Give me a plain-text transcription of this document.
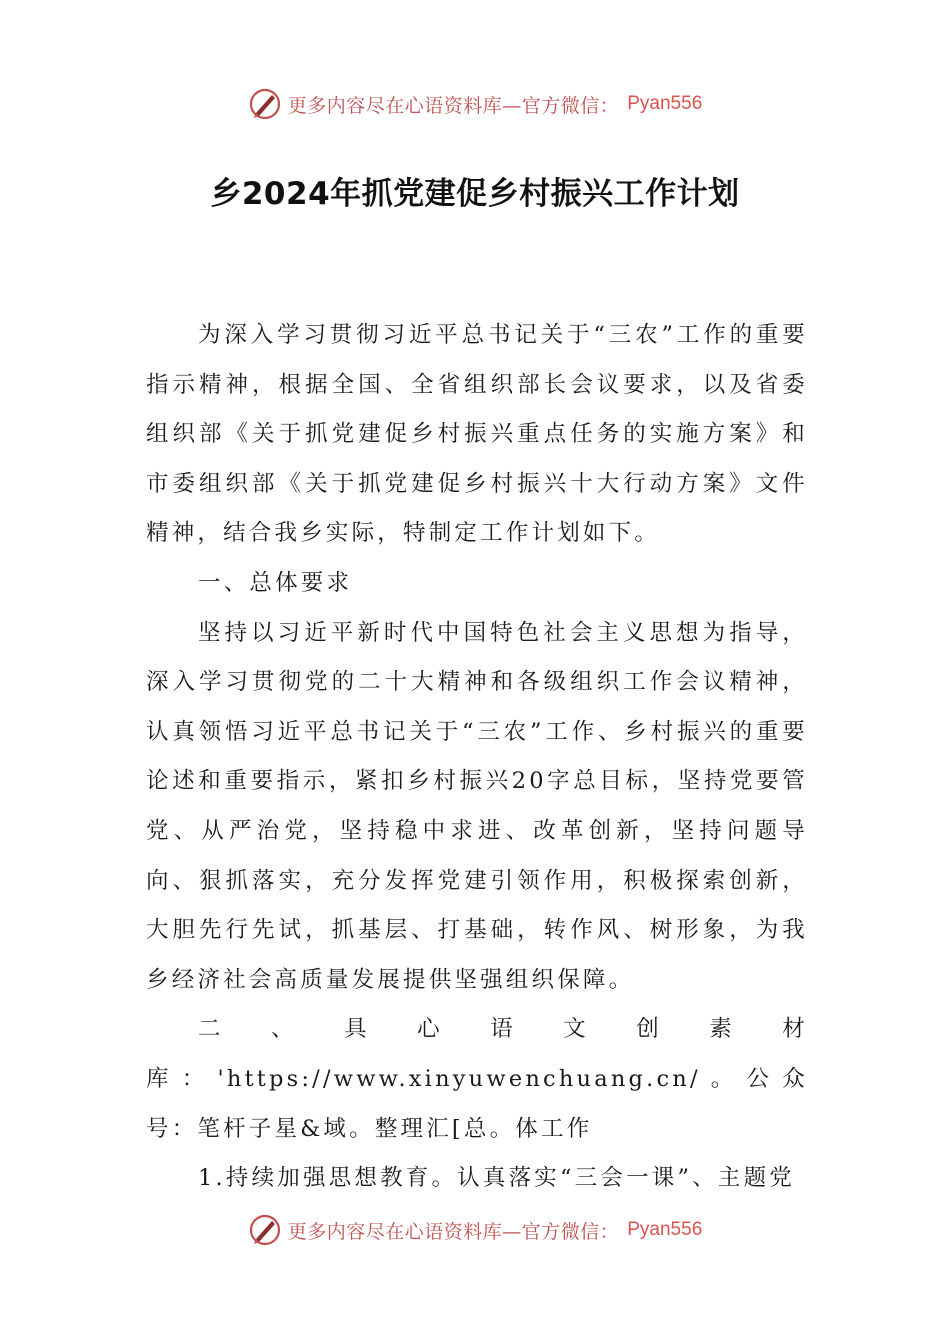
更多内容尽在心语资料库—官方微信： Pyan556
乡2024年抓党建促乡村振兴工作计划

为深入学习贯彻习近平总书记关于“三农”工作的重要指示精神，根据全国、全省组织部长会议要求，以及省委组织部《关于抓党建促乡村振兴重点任务的实施方案》和市委组织部《关于抓党建促乡村振兴十大行动方案》文件精神，结合我乡实际，特制定工作计划如下。

一、总体要求

坚持以习近平新时代中国特色社会主义思想为指导，深入学习贯彻党的二十大精神和各级组织工作会议精神，认真领悟习近平总书记关于“三农”工作、乡村振兴的重要论述和重要指示，紧扣乡村振兴20字总目标，坚持党要管党、从严治党，坚持稳中求进、改革创新，坚持问题导向、狠抓落实，充分发挥党建引领作用，积极探索创新，大胆先行先试，抓基层、打基础，转作风、树形象，为我乡经济社会高质量发展提供坚强组织保障。

二、具心语文创素材库：'https://www.xinyuwenchuang.cn/。公众号：笔杆子星&域。整理汇[总。体工作

1.持续加强思想教育。认真落实“三会一课”、主题党

更多内容尽在心语资料库—官方微信： Pyan556
